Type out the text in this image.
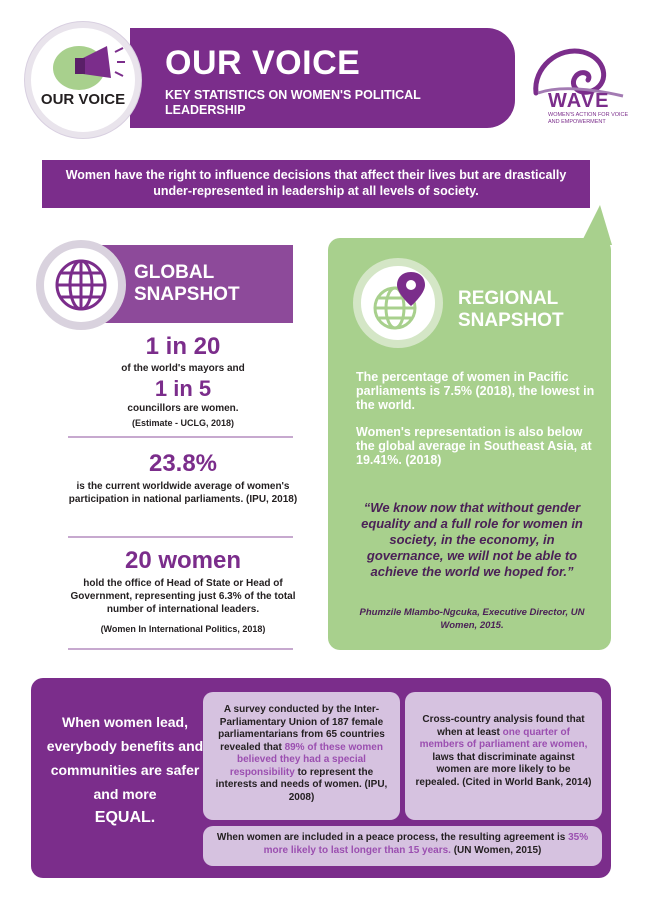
OUR VOICE
OUR VOICE
KEY STATISTICS ON WOMEN'S POLITICAL LEADERSHIP	WAVE
WOMEN'S ACTION FOR VOICE AND EMPOWERMENT
Women have the right to influence decisions that affect their lives but are drastically under-represented in leadership at all levels of society.
GLOBAL
SNAPSHOT
1 in 20
of the world's mayors and
1 in 5
councillors are women.
(Estimate - UCLG, 2018)
23.8%
is the current worldwide average of women's participation in national parliaments. (IPU, 2018)
20 women
hold the office of Head of State or Head of Government, representing just 6.3% of the total number of international leaders.
(Women In International Politics, 2018)
REGIONAL
SNAPSHOT
The percentage of women in Pacific parliaments is 7.5% (2018), the lowest in the world.
Women's representation is also below the global average in Southeast Asia, at 19.41%. (2018)
“We know now that without gender equality and a full role for women in society, in the economy, in governance, we will not be able to achieve the world we hoped for.”
Phumzile Mlambo-Ngcuka, Executive Director, UN Women, 2015.
When women lead, everybody benefits and communities are safer and more
EQUAL.
A survey conducted by the Inter-Parliamentary Union of 187 female parliamentarians from 65 countries revealed that 89% of these women believed they had a special responsibility to represent the interests and needs of women. (IPU, 2008)
Cross-country analysis found that when at least one quarter of members of parliament are women, laws that discriminate against women are more likely to be repealed. (Cited in World Bank, 2014)
When women are included in a peace process, the resulting agreement is 35% more likely to last longer than 15 years. (UN Women, 2015)
